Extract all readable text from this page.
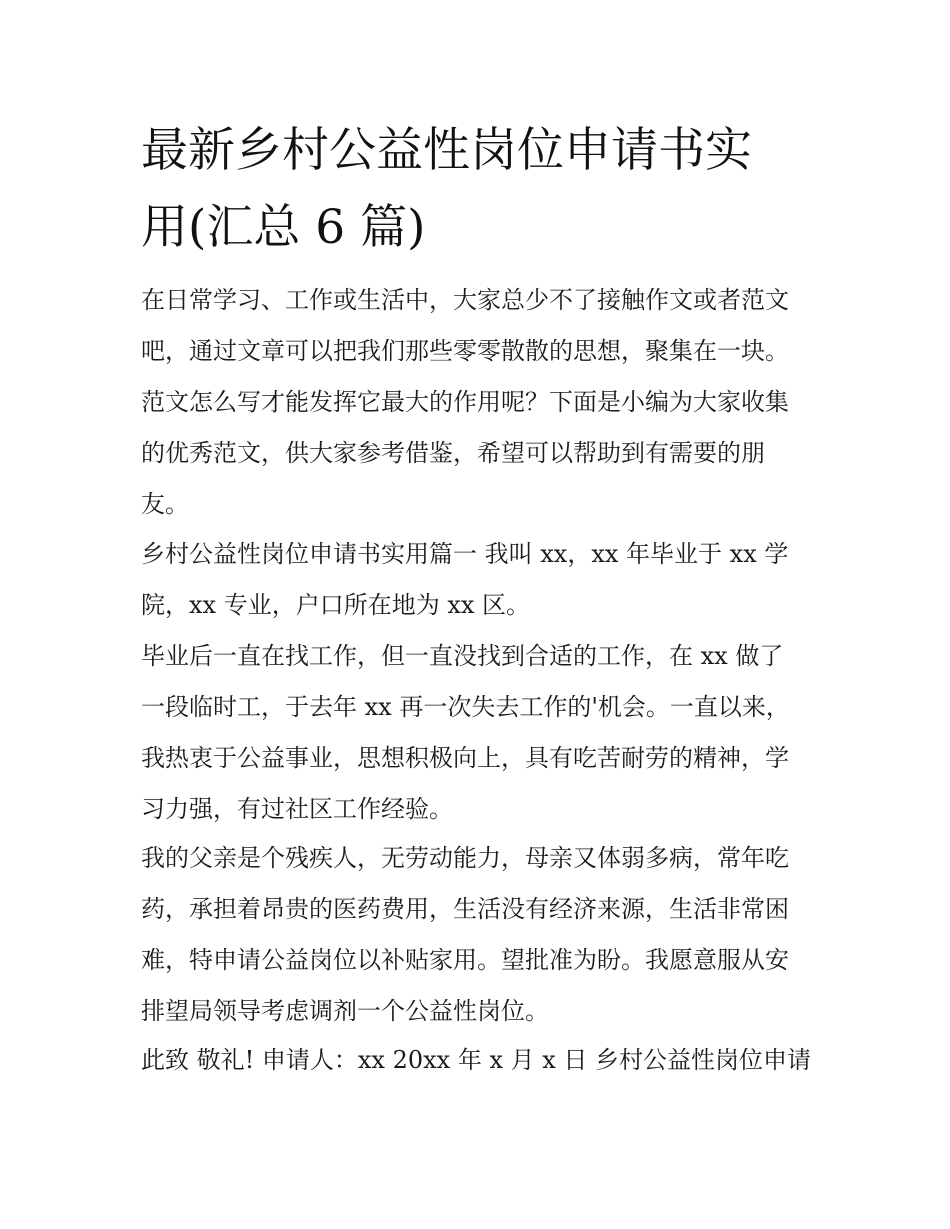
最新乡村公益性岗位申请书实
用(汇总 6 篇)
在日常学习、工作或生活中，大家总少不了接触作文或者范文
吧，通过文章可以把我们那些零零散散的思想，聚集在一块。
范文怎么写才能发挥它最大的作用呢？下面是小编为大家收集
的优秀范文，供大家参考借鉴，希望可以帮助到有需要的朋
友。
乡村公益性岗位申请书实用篇一 我叫 xx，xx 年毕业于 xx 学
院，xx 专业，户口所在地为 xx 区。
毕业后一直在找工作，但一直没找到合适的工作，在 xx 做了
一段临时工，于去年 xx 再一次失去工作的'机会。一直以来，
我热衷于公益事业，思想积极向上，具有吃苦耐劳的精神，学
习力强，有过社区工作经验。
我的父亲是个残疾人，无劳动能力，母亲又体弱多病，常年吃
药，承担着昂贵的医药费用，生活没有经济来源，生活非常困
难，特申请公益岗位以补贴家用。望批准为盼。我愿意服从安
排望局领导考虑调剂一个公益性岗位。
此致 敬礼! 申请人：xx 20xx 年 x 月 x 日 乡村公益性岗位申请
